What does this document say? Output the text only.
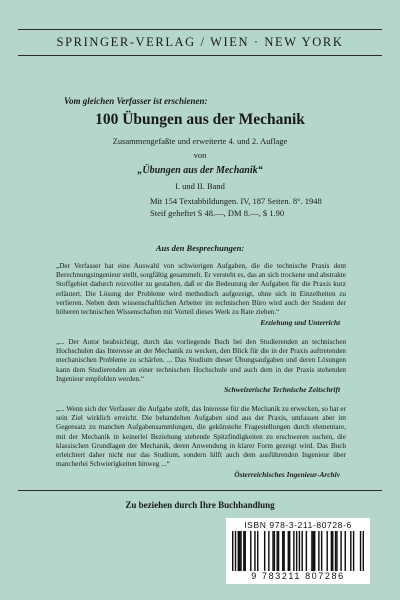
SPRINGER-VERLAG / WIEN · NEW YORK
Vom gleichen Verfasser ist erschienen:
100 Übungen aus der Mechanik
Zusammengefaßte und erweiterte 4. und 2. Auflage
von
„Übungen aus der Mechanik“
I. und II. Band
Mit 154 Textabbildungen. IV, 187 Seiten. 8°. 1948
Steif geheftet S 48.—, DM 8.—, $ 1.90
Aus den Besprechungen:
„Der Verfasser hat eine Auswahl von schwierigen Aufgaben, die die technische Praxis dem Berechnungsingenieur stellt, sorgfältig gesammelt. Er versteht es, das an sich trockene und abstrakte Stoffgebiet dadurch reizvoller zu gestalten, daß er die Bedeutung der Aufgaben für die Praxis kurz erläutert. Die Lösung der Probleme wird methodisch aufgezeigt, ohne sich in Einzelheiten zu verlieren. Neben dem wissenschaftlichen Arbeiter im technischen Büro wird auch der Student der höheren technischen Wissenschaften mit Vorteil dieses Werk zu Rate ziehen.“
Erziehung und Unterricht
„... Der Autor beabsichtigt, durch das vorliegende Buch bei den Studierenden an technischen Hochschulen das Interesse an der Mechanik zu wecken, den Blick für die in der Praxis auftretenden mechanischen Probleme zu schärfen. ... Das Studium dieser Übungsaufgaben und deren Lösungen kann dem Studierenden an einer technischen Hochschule und auch dem in der Praxis stehenden Ingenieur empfohlen werden.“
Schweizerische Technische Zeitschrift
„... Wenn sich der Verfasser die Aufgabe stellt, das Interesse für die Mechanik zu erwecken, so hat er sein Ziel wirklich erreicht. Die behandelten Aufgaben sind aus der Praxis, umfassen aber im Gegensatz zu manchen Aufgabensammlungen, die gekünstelte Fragestellungen durch elementare, mit der Mechanik in keinerlei Beziehung stehende Spitzfindigkeiten zu erschweren suchen, die klassischen Grundlagen der Mechanik, deren Anwendung in klarer Form gezeigt wird. Das Buch erleichtert daher nicht nur das Studium, sondern hilft auch dem ausführenden Ingenieur über mancherlei Schwierigkeiten hinweg ...“
Österreichisches Ingenieur-Archiv
Zu beziehen durch Ihre Buchhandlung
ISBN 978-3-211-80728-6
9 783211 807286
